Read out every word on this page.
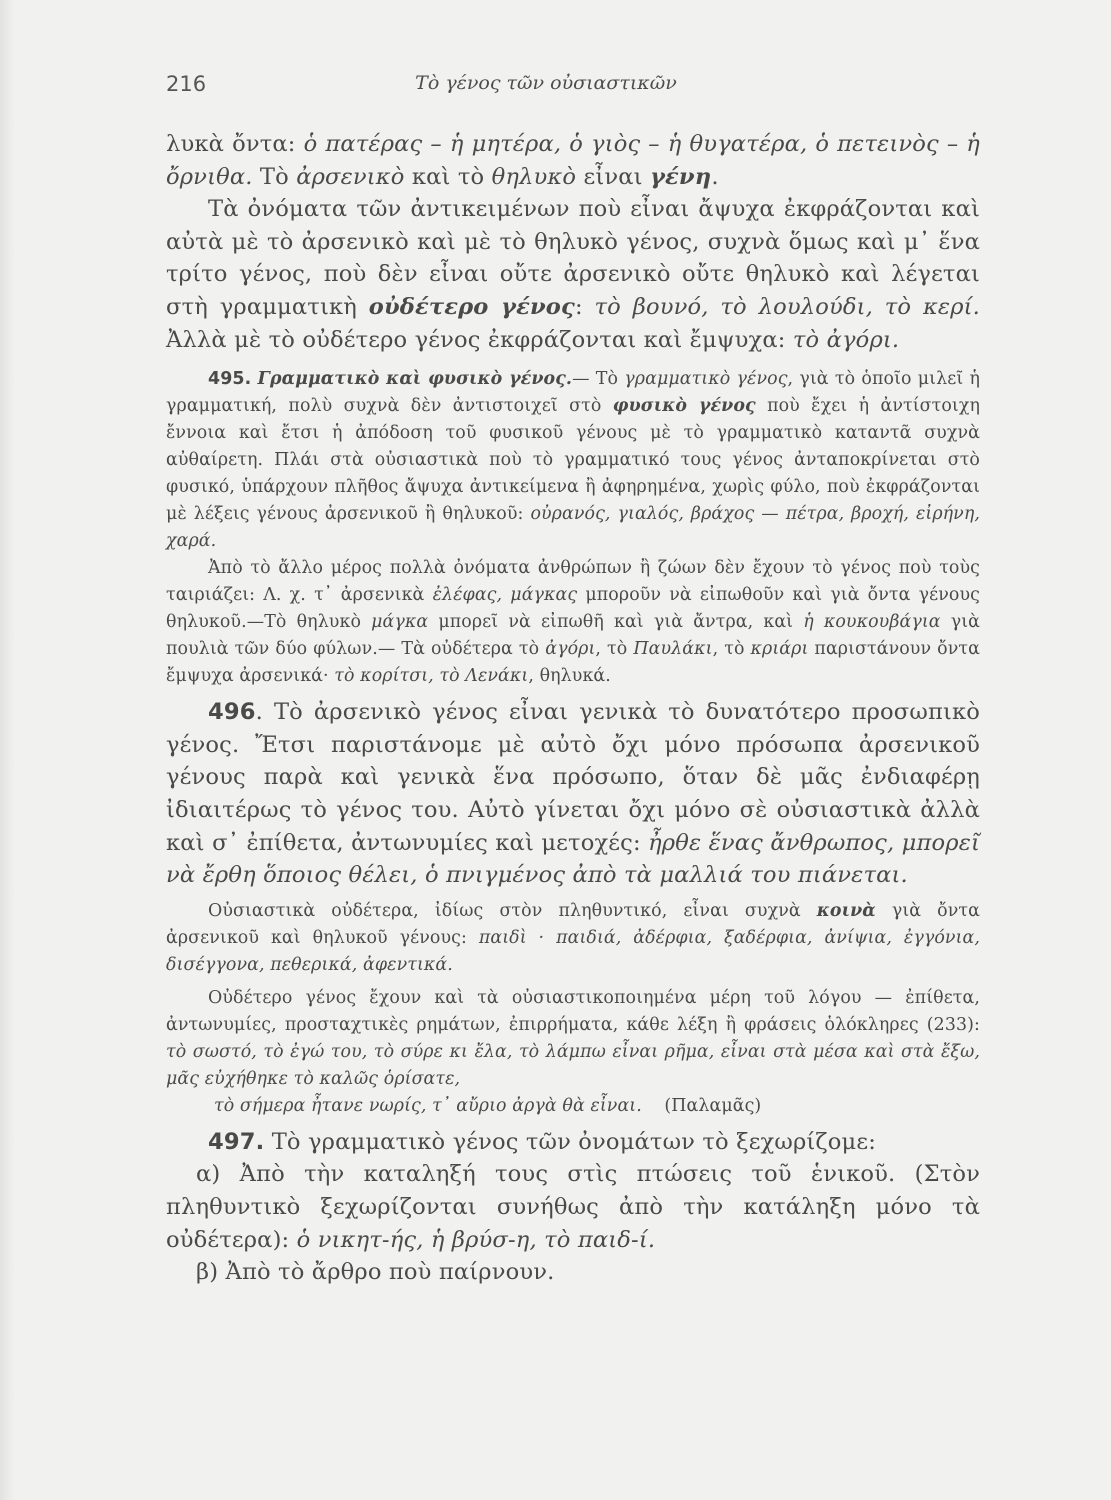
216	Τὸ γένος τῶν οὐσιαστικῶν

λυκὰ ὄντα: ὁ πατέρας – ἡ μητέρα, ὁ γιὸς – ἡ θυγατέρα, ὁ πετεινὸς – ἡ ὄρνιθα. Τὸ ἀρσενικὸ καὶ τὸ θηλυκὸ εἶναι γένη.

Τὰ ὀνόματα τῶν ἀντικειμένων ποὺ εἶναι ἄψυχα ἐκφράζονται καὶ αὐτὰ μὲ τὸ ἀρσενικὸ καὶ μὲ τὸ θηλυκὸ γένος, συχνὰ ὅμως καὶ μ᾿ ἕνα τρίτο γένος, ποὺ δὲν εἶναι οὔτε ἀρσενικὸ οὔτε θηλυκὸ καὶ λέγεται στὴ γραμματικὴ οὐδέτερο γένος: τὸ βουνό, τὸ λουλούδι, τὸ κερί. Ἀλλὰ μὲ τὸ οὐδέτερο γένος ἐκφράζονται καὶ ἔμψυχα: τὸ ἀγόρι.

495. Γραμματικὸ καὶ φυσικὸ γένος.— Τὸ γραμματικὸ γένος, γιὰ τὸ ὁποῖο μιλεῖ ἡ γραμματική, πολὺ συχνὰ δὲν ἀντιστοιχεῖ στὸ φυσικὸ γένος ποὺ ἔχει ἡ ἀντίστοιχη ἔννοια καὶ ἔτσι ἡ ἀπόδοση τοῦ φυσικοῦ γένους μὲ τὸ γραμματικὸ καταντᾶ συχνὰ αὐθαίρετη. Πλάι στὰ οὐσιαστικὰ ποὺ τὸ γραμματικό τους γένος ἀνταποκρίνεται στὸ φυσικό, ὑπάρχουν πλῆθος ἄψυχα ἀντικείμενα ἢ ἀφηρημένα, χωρὶς φύλο, ποὺ ἐκφράζονται μὲ λέξεις γένους ἀρσενικοῦ ἢ θηλυκοῦ: οὐρανός, γιαλός, βράχος — πέτρα, βροχή, εἰρήνη, χαρά.

Ἀπὸ τὸ ἄλλο μέρος πολλὰ ὀνόματα ἀνθρώπων ἢ ζώων δὲν ἔχουν τὸ γένος ποὺ τοὺς ταιριάζει: Λ. χ. τ᾿ ἀρσενικὰ ἐλέφας, μάγκας μποροῦν νὰ εἰπωθοῦν καὶ γιὰ ὄντα γένους θηλυκοῦ.—Τὸ θηλυκὸ μάγκα μπορεῖ νὰ εἰπωθῆ καὶ γιὰ ἄντρα, καὶ ἡ κουκουβάγια γιὰ πουλιὰ τῶν δύο φύλων.— Τὰ οὐδέτερα τὸ ἀγόρι, τὸ Παυλάκι, τὸ κριάρι παριστάνουν ὄντα ἔμψυχα ἀρσενικά· τὸ κορίτσι, τὸ Λενάκι, θηλυκά.

496. Τὸ ἀρσενικὸ γένος εἶναι γενικὰ τὸ δυνατότερο προσωπικὸ γένος. Ἔτσι παριστάνομε μὲ αὐτὸ ὄχι μόνο πρόσωπα ἀρσενικοῦ γένους παρὰ καὶ γενικὰ ἕνα πρόσωπο, ὅταν δὲ μᾶς ἐνδιαφέρῃ ἰδιαιτέρως τὸ γένος του. Αὐτὸ γίνεται ὄχι μόνο σὲ οὐσιαστικὰ ἀλλὰ καὶ σ᾿ ἐπίθετα, ἀντωνυμίες καὶ μετοχές: ἦρθε ἕνας ἄνθρωπος, μπορεῖ νὰ ἔρθη ὅποιος θέλει, ὁ πνιγμένος ἀπὸ τὰ μαλλιά του πιάνεται.

Οὐσιαστικὰ οὐδέτερα, ἰδίως στὸν πληθυντικό, εἶναι συχνὰ κοινὰ γιὰ ὄντα ἀρσενικοῦ καὶ θηλυκοῦ γένους: παιδὶ · παιδιά, ἀδέρφια, ξαδέρφια, ἀνίψια, ἐγγόνια, δισέγγονα, πεθερικά, ἀφεντικά.

Οὐδέτερο γένος ἔχουν καὶ τὰ οὐσιαστικοποιημένα μέρη τοῦ λόγου — ἐπίθετα, ἀντωνυμίες, προσταχτικὲς ρημάτων, ἐπιρρήματα, κάθε λέξη ἢ φράσεις ὁλόκληρες (233): τὸ σωστό, τὸ ἐγώ του, τὸ σύρε κι ἔλα, τὸ λάμπω εἶναι ρῆμα, εἶναι στὰ μέσα καὶ στὰ ἔξω, μᾶς εὐχήθηκε τὸ καλῶς ὁρίσατε,

τὸ σήμερα ἦτανε νωρίς, τ᾿ αὔριο ἀργὰ θὰ εἶναι. (Παλαμᾶς)

497. Τὸ γραμματικὸ γένος τῶν ὀνομάτων τὸ ξεχωρίζομε:

α) Ἀπὸ τὴν καταληξή τους στὶς πτώσεις τοῦ ἑνικοῦ. (Στὸν πληθυντικὸ ξεχωρίζονται συνήθως ἀπὸ τὴν κατάληξη μόνο τὰ οὐδέτερα): ὁ νικητ-ής, ἡ βρύσ-η, τὸ παιδ-ί.

β) Ἀπὸ τὸ ἄρθρο ποὺ παίρνουν.
